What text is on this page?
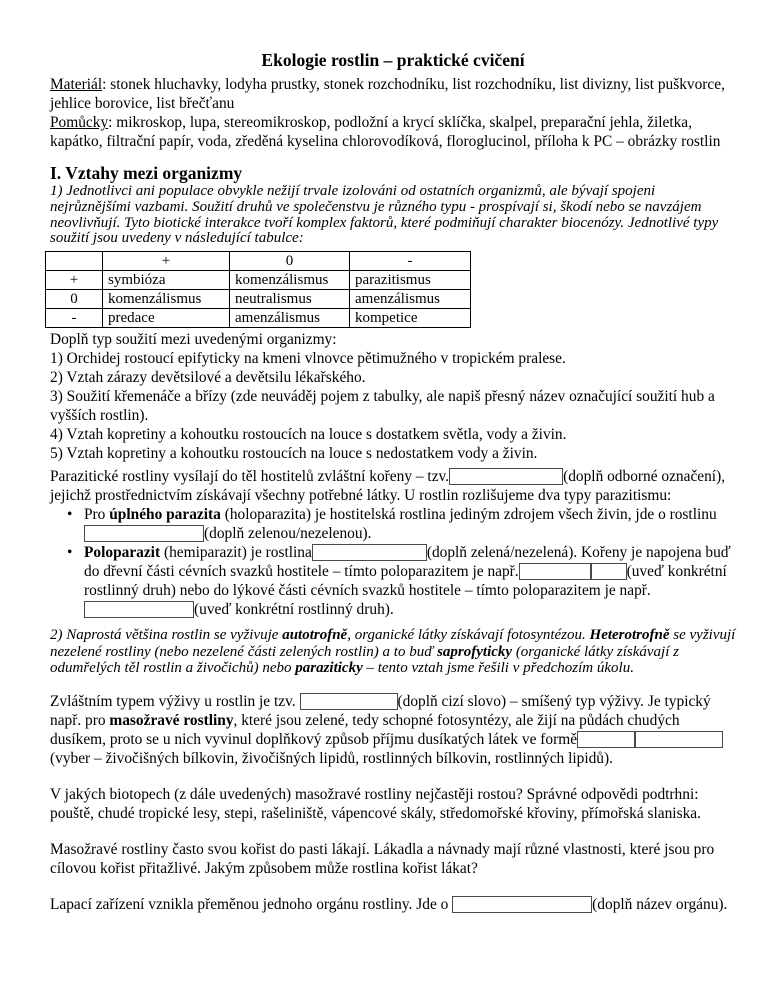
Ekologie rostlin – praktické cvičení

Materiál: stonek hluchavky, lodyha prustky, stonek rozchodníku, list rozchodníku, list divizny, list puškvorce, jehlice borovice, list břečťanu

Pomůcky: mikroskop, lupa, stereomikroskop, podložní a krycí sklíčka, skalpel, preparační jehla, žiletka, kapátko, filtrační papír, voda, zředěná kyselina chlorovodíková, floroglucinol, příloha k PC – obrázky rostlin

I. Vztahy mezi organizmy

1) Jednotlivci ani populace obvykle nežijí trvale izolováni od ostatních organizmů, ale bývají spojeni nejrůznějšími vazbami. Soužití druhů ve společenstvu je různého typu - prospívají si, škodí nebo se navzájem neovlivňují. Tyto biotické interakce tvoří komplex faktorů, které podmiňují charakter biocenózy. Jednotlivé typy soužití jsou uvedeny v následující tabulce:

	+	0	-
+	symbióza	komenzálismus	parazitismus
0	komenzálismus	neutralismus	amenzálismus
-	predace	amenzálismus	kompetice

Doplň typ soužití mezi uvedenými organizmy:

1) Orchidej rostoucí epifyticky na kmeni vlnovce pětimužného v tropickém pralese.

2) Vztah zárazy devětsilové a devětsilu lékařského.

3) Soužití křemenáče a břízy (zde neuváděj pojem z tabulky, ale napiš přesný název označující soužití hub a vyšších rostlin).

4) Vztah kopretiny a kohoutku rostoucích na louce s dostatkem světla, vody a živin.

5) Vztah kopretiny a kohoutku rostoucích na louce s nedostatkem vody a živin.

Parazitické rostliny vysílají do těl hostitelů zvláštní kořeny – tzv.	(doplň odborné označení), jejichž prostřednictvím získávají všechny potřebné látky. U rostlin rozlišujeme dva typy parazitismu:

• Pro úplného parazita (holoparazita) je hostitelská rostlina jediným zdrojem všech živin, jde o rostlinu(doplň zelenou/nezelenou).
• Poloparazit (hemiparazit) je rostlina	(doplň zelená/nezelená). Kořeny je napojena buď do dřevní části cévních svazků hostitele – tímto poloparazitem je např.	(uveď konkrétní rostlinný druh) nebo do lýkové části cévních svazků hostitele – tímto poloparazitem je např. (uveď konkrétní rostlinný druh).

2) Naprostá většina rostlin se vyživuje autotrofně, organické látky získávají fotosyntézou. Heterotrofně se vyživují nezelené rostliny (nebo nezelené části zelených rostlin) a to buď saprofyticky (organické látky získávají z odumřelých těl rostlin a živočichů) nebo paraziticky – tento vztah jsme řešili v předchozím úkolu.

Zvláštním typem výživy u rostlin je tzv.	(doplň cizí slovo) – smíšený typ výživy. Je typický např. pro masožravé rostliny, které jsou zelené, tedy schopné fotosyntézy, ale žijí na půdách chudých dusíkem, proto se u nich vyvinul doplňkový způsob příjmu dusíkatých látek ve formě(vyber – živočišných bílkovin, živočišných lipidů, rostlinných bílkovin, rostlinných lipidů).

V jakých biotopech (z dále uvedených) masožravé rostliny nejčastěji rostou? Správné odpovědi podtrhni: pouště, chudé tropické lesy, stepi, rašeliniště, vápencové skály, středomořské křoviny, přímořská slaniska.

Masožravé rostliny často svou kořist do pasti lákají. Lákadla a návnady mají různé vlastnosti, které jsou pro cílovou kořist přitažlivé. Jakým způsobem může rostlina kořist lákat?

Lapací zařízení vznikla přeměnou jednoho orgánu rostliny. Jde o	(doplň název orgánu).
